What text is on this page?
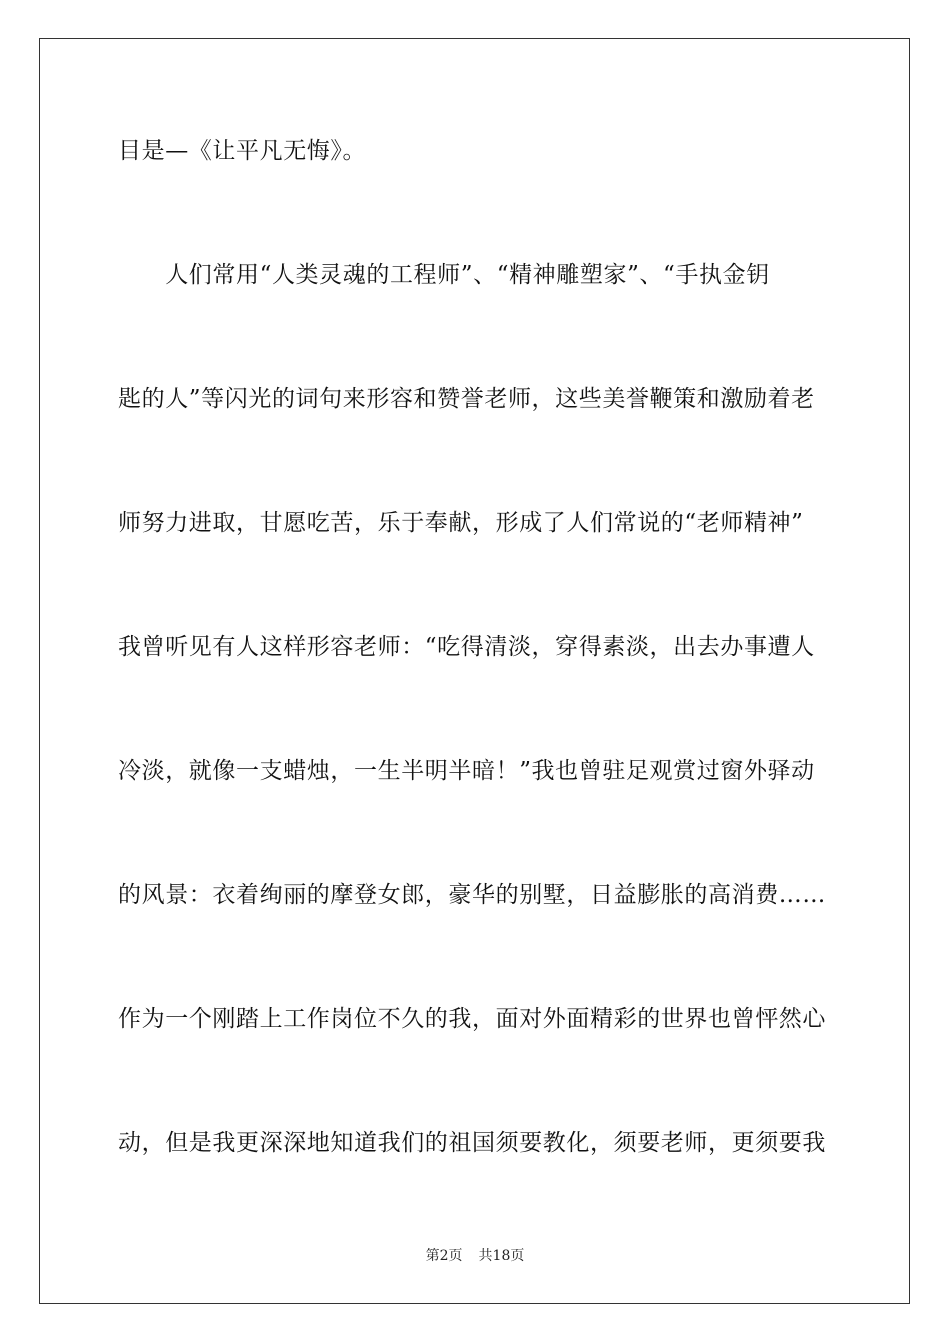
目是—《让平凡无悔》。
　　人们常用“人类灵魂的工程师”、“精神雕塑家”、“手执金钥
匙的人”等闪光的词句来形容和赞誉老师，这些美誉鞭策和激励着老
师努力进取，甘愿吃苦，乐于奉献，形成了人们常说的“老师精神”
我曾听见有人这样形容老师：“吃得清淡，穿得素淡，出去办事遭人
冷淡，就像一支蜡烛，一生半明半暗！”我也曾驻足观赏过窗外驿动
的风景：衣着绚丽的摩登女郎，豪华的别墅，日益膨胀的高消费……
作为一个刚踏上工作岗位不久的我，面对外面精彩的世界也曾怦然心
动，但是我更深深地知道我们的祖国须要教化，须要老师，更须要我
第2页 共18页
